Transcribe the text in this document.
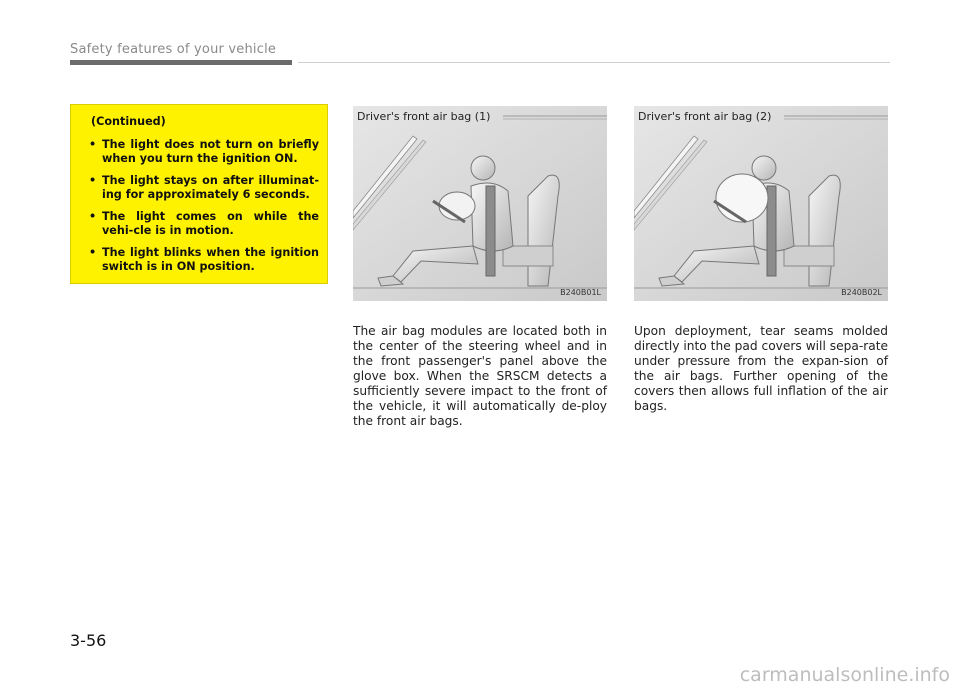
Safety features of your vehicle
(Continued)
• The light does not turn on briefly when you turn the ignition ON.
• The light stays on after illuminat-ing for approximately 6 seconds.
• The light comes on while the vehi-cle is in motion.
• The light blinks when the ignition switch is in ON position.
Driver's front air bag (1)
B240B01L
Driver's front air bag (2)
B240B02L

The air bag modules are located both in the center of the steering wheel and in the front passenger's panel above the glove box. When the SRSCM detects a sufficiently severe impact to the front of the vehicle, it will automatically de-ploy the front air bags.

Upon deployment, tear seams molded directly into the pad covers will sepa-rate under pressure from the expan-sion of the air bags. Further opening of the covers then allows full inflation of the air bags.

3-56
carmanualsonline.info
